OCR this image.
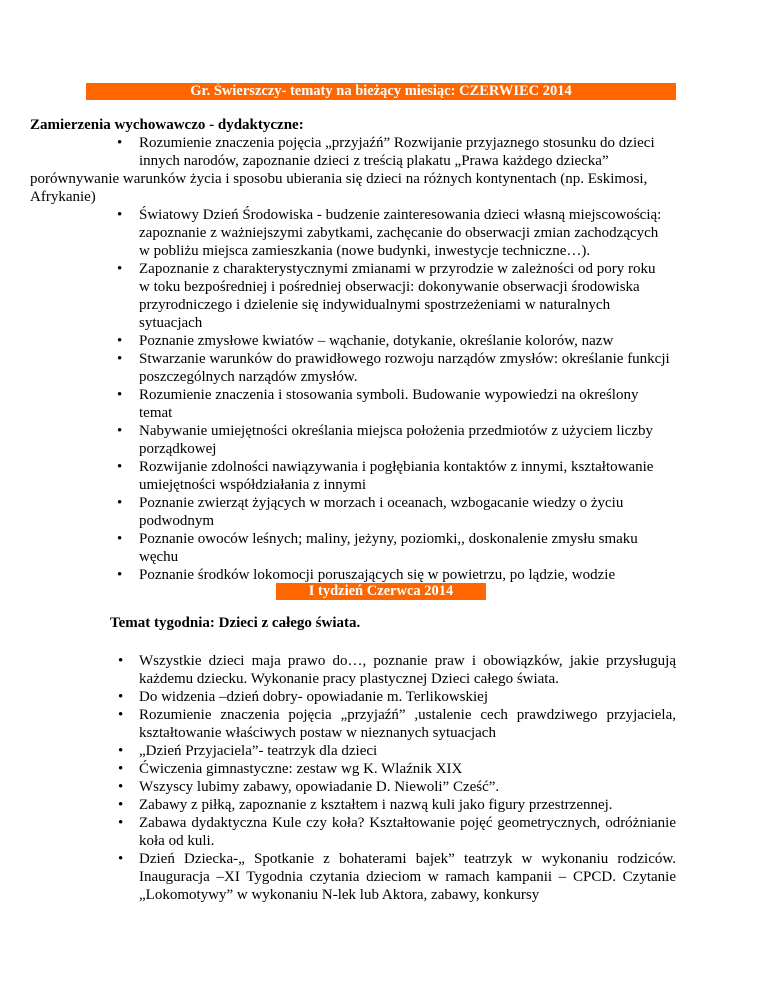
Gr. Świerszczy- tematy na bieżący miesiąc: CZERWIEC 2014
Zamierzenia wychowawczo - dydaktyczne:
• Rozumienie znaczenia pojęcia „przyjaźń” Rozwijanie przyjaznego stosunku do dzieci innych narodów, zapoznanie dzieci z treścią plakatu „Prawa każdego dziecka”
porównywanie warunków życia i sposobu ubierania się dzieci na różnych kontynentach (np. Eskimosi, Afrykanie)
• Światowy Dzień Środowiska - budzenie zainteresowania dzieci własną miejscowością: zapoznanie z ważniejszymi zabytkami, zachęcanie do obserwacji zmian zachodzących w pobliżu miejsca zamieszkania (nowe budynki, inwestycje techniczne…).
• Zapoznanie z charakterystycznymi zmianami w przyrodzie w zależności od pory roku w toku bezpośredniej i pośredniej obserwacji: dokonywanie obserwacji środowiska przyrodniczego i dzielenie się indywidualnymi spostrzeżeniami w naturalnych sytuacjach
• Poznanie zmysłowe kwiatów – wąchanie, dotykanie, określanie kolorów, nazw
• Stwarzanie warunków do prawidłowego rozwoju narządów zmysłów: określanie funkcji poszczególnych narządów zmysłów.
• Rozumienie znaczenia i stosowania symboli. Budowanie wypowiedzi na określony temat
• Nabywanie umiejętności określania miejsca położenia przedmiotów z użyciem liczby porządkowej
• Rozwijanie zdolności nawiązywania i pogłębiania kontaktów z innymi, kształtowanie umiejętności współdziałania z innymi
• Poznanie zwierząt żyjących w morzach i oceanach, wzbogacanie wiedzy o życiu podwodnym
• Poznanie owoców leśnych; maliny, jeżyny, poziomki,, doskonalenie zmysłu smaku węchu
• Poznanie środków lokomocji poruszających się w powietrzu, po lądzie, wodzie
I tydzień Czerwca 2014
Temat tygodnia: Dzieci z całego świata.
• Wszystkie dzieci maja prawo do…, poznanie praw i obowiązków, jakie przysługują każdemu dziecku. Wykonanie pracy plastycznej Dzieci całego świata.
• Do widzenia –dzień dobry- opowiadanie m. Terlikowskiej
• Rozumienie znaczenia pojęcia „przyjaźń” ,ustalenie cech prawdziwego przyjaciela, kształtowanie właściwych postaw w nieznanych sytuacjach
• „Dzień Przyjaciela”- teatrzyk dla dzieci
• Ćwiczenia gimnastyczne: zestaw wg K. Wlaźnik XIX
• Wszyscy lubimy zabawy, opowiadanie D. Niewoli” Cześć”.
• Zabawy z piłką, zapoznanie z kształtem i nazwą kuli jako figury przestrzennej.
• Zabawa dydaktyczna Kule czy koła? Kształtowanie pojęć geometrycznych, odróżnianie koła od kuli.
• Dzień Dziecka-„ Spotkanie z bohaterami bajek” teatrzyk w wykonaniu rodziców. Inauguracja –XI Tygodnia czytania dzieciom w ramach kampanii – CPCD. Czytanie „Lokomotywy” w wykonaniu N-lek lub Aktora, zabawy, konkursy
